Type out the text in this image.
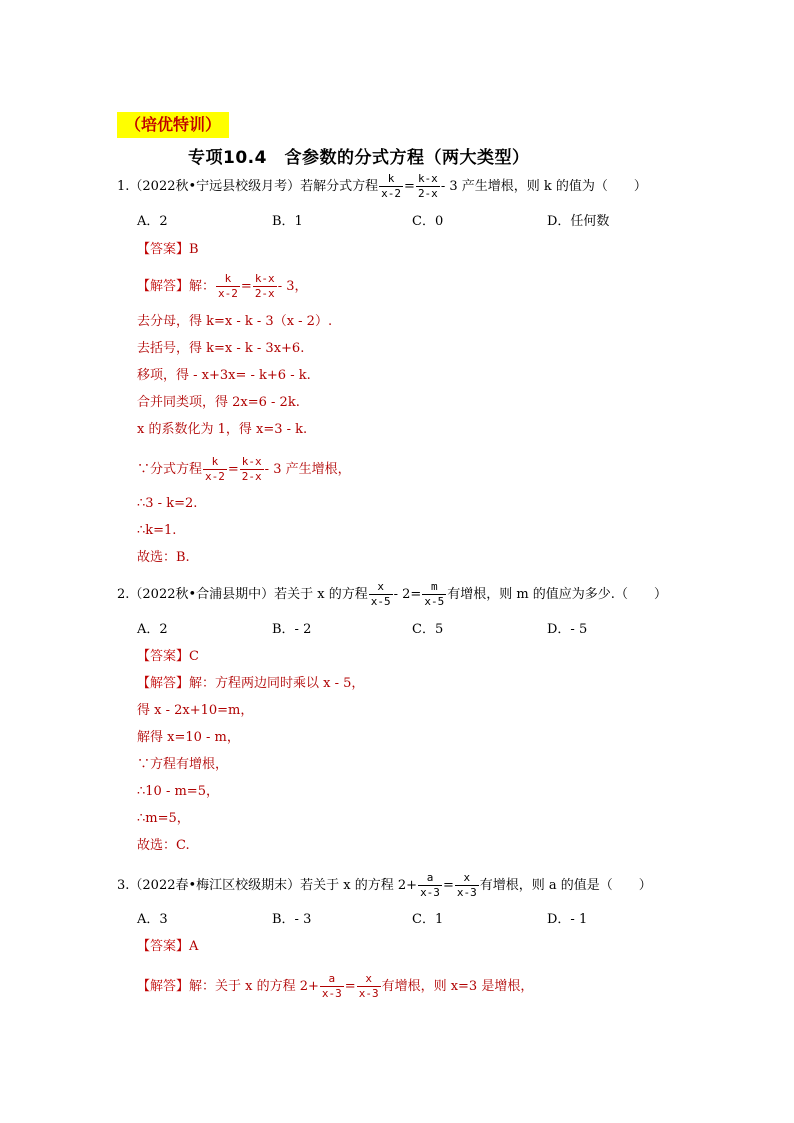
（培优特训）
专项10.4　含参数的分式方程（两大类型）
1.（2022秋•宁远县校级月考）若解分式方程 $\frac{k}{x-2} = \frac{k-x}{2-x} - 3$ 产生增根，则 k 的值为（　　）
A．2	B．1	C．0	D．任何数
【答案】B
【解答】解： $\frac{k}{x-2} = \frac{k-x}{2-x} - 3$，
去分母，得 k=x - k - 3（x - 2）.
去括号，得 k=x - k - 3x+6.
移项，得 - x+3x= - k+6 - k.
合并同类项，得 2x=6 - 2k.
x 的系数化为 1，得 x=3 - k.
∵分式方程 $\frac{k}{x-2} = \frac{k-x}{2-x} - 3$ 产生增根，
∴3 - k=2.
∴k=1.
故选：B.
2.（2022秋•合浦县期中）若关于 x 的方程 $\frac{x}{x-5} - 2= \frac{m}{x-5}$ 有增根，则 m 的值应为多少.（　　）
A．2	B．- 2	C．5	D．- 5
【答案】C
【解答】解：方程两边同时乘以 x - 5，
得 x - 2x+10=m，
解得 x=10 - m，
∵方程有增根，
∴10 - m=5，
∴m=5，
故选：C.
3.（2022春•梅江区校级期末）若关于 x 的方程 $2+ \frac{a}{x-3} = \frac{x}{x-3}$ 有增根，则 a 的值是（　　）
A．3	B．- 3	C．1	D．- 1
【答案】A
【解答】解：关于 x 的方程 $2+ \frac{a}{x-3} = \frac{x}{x-3}$ 有增根，则 x=3 是增根，
